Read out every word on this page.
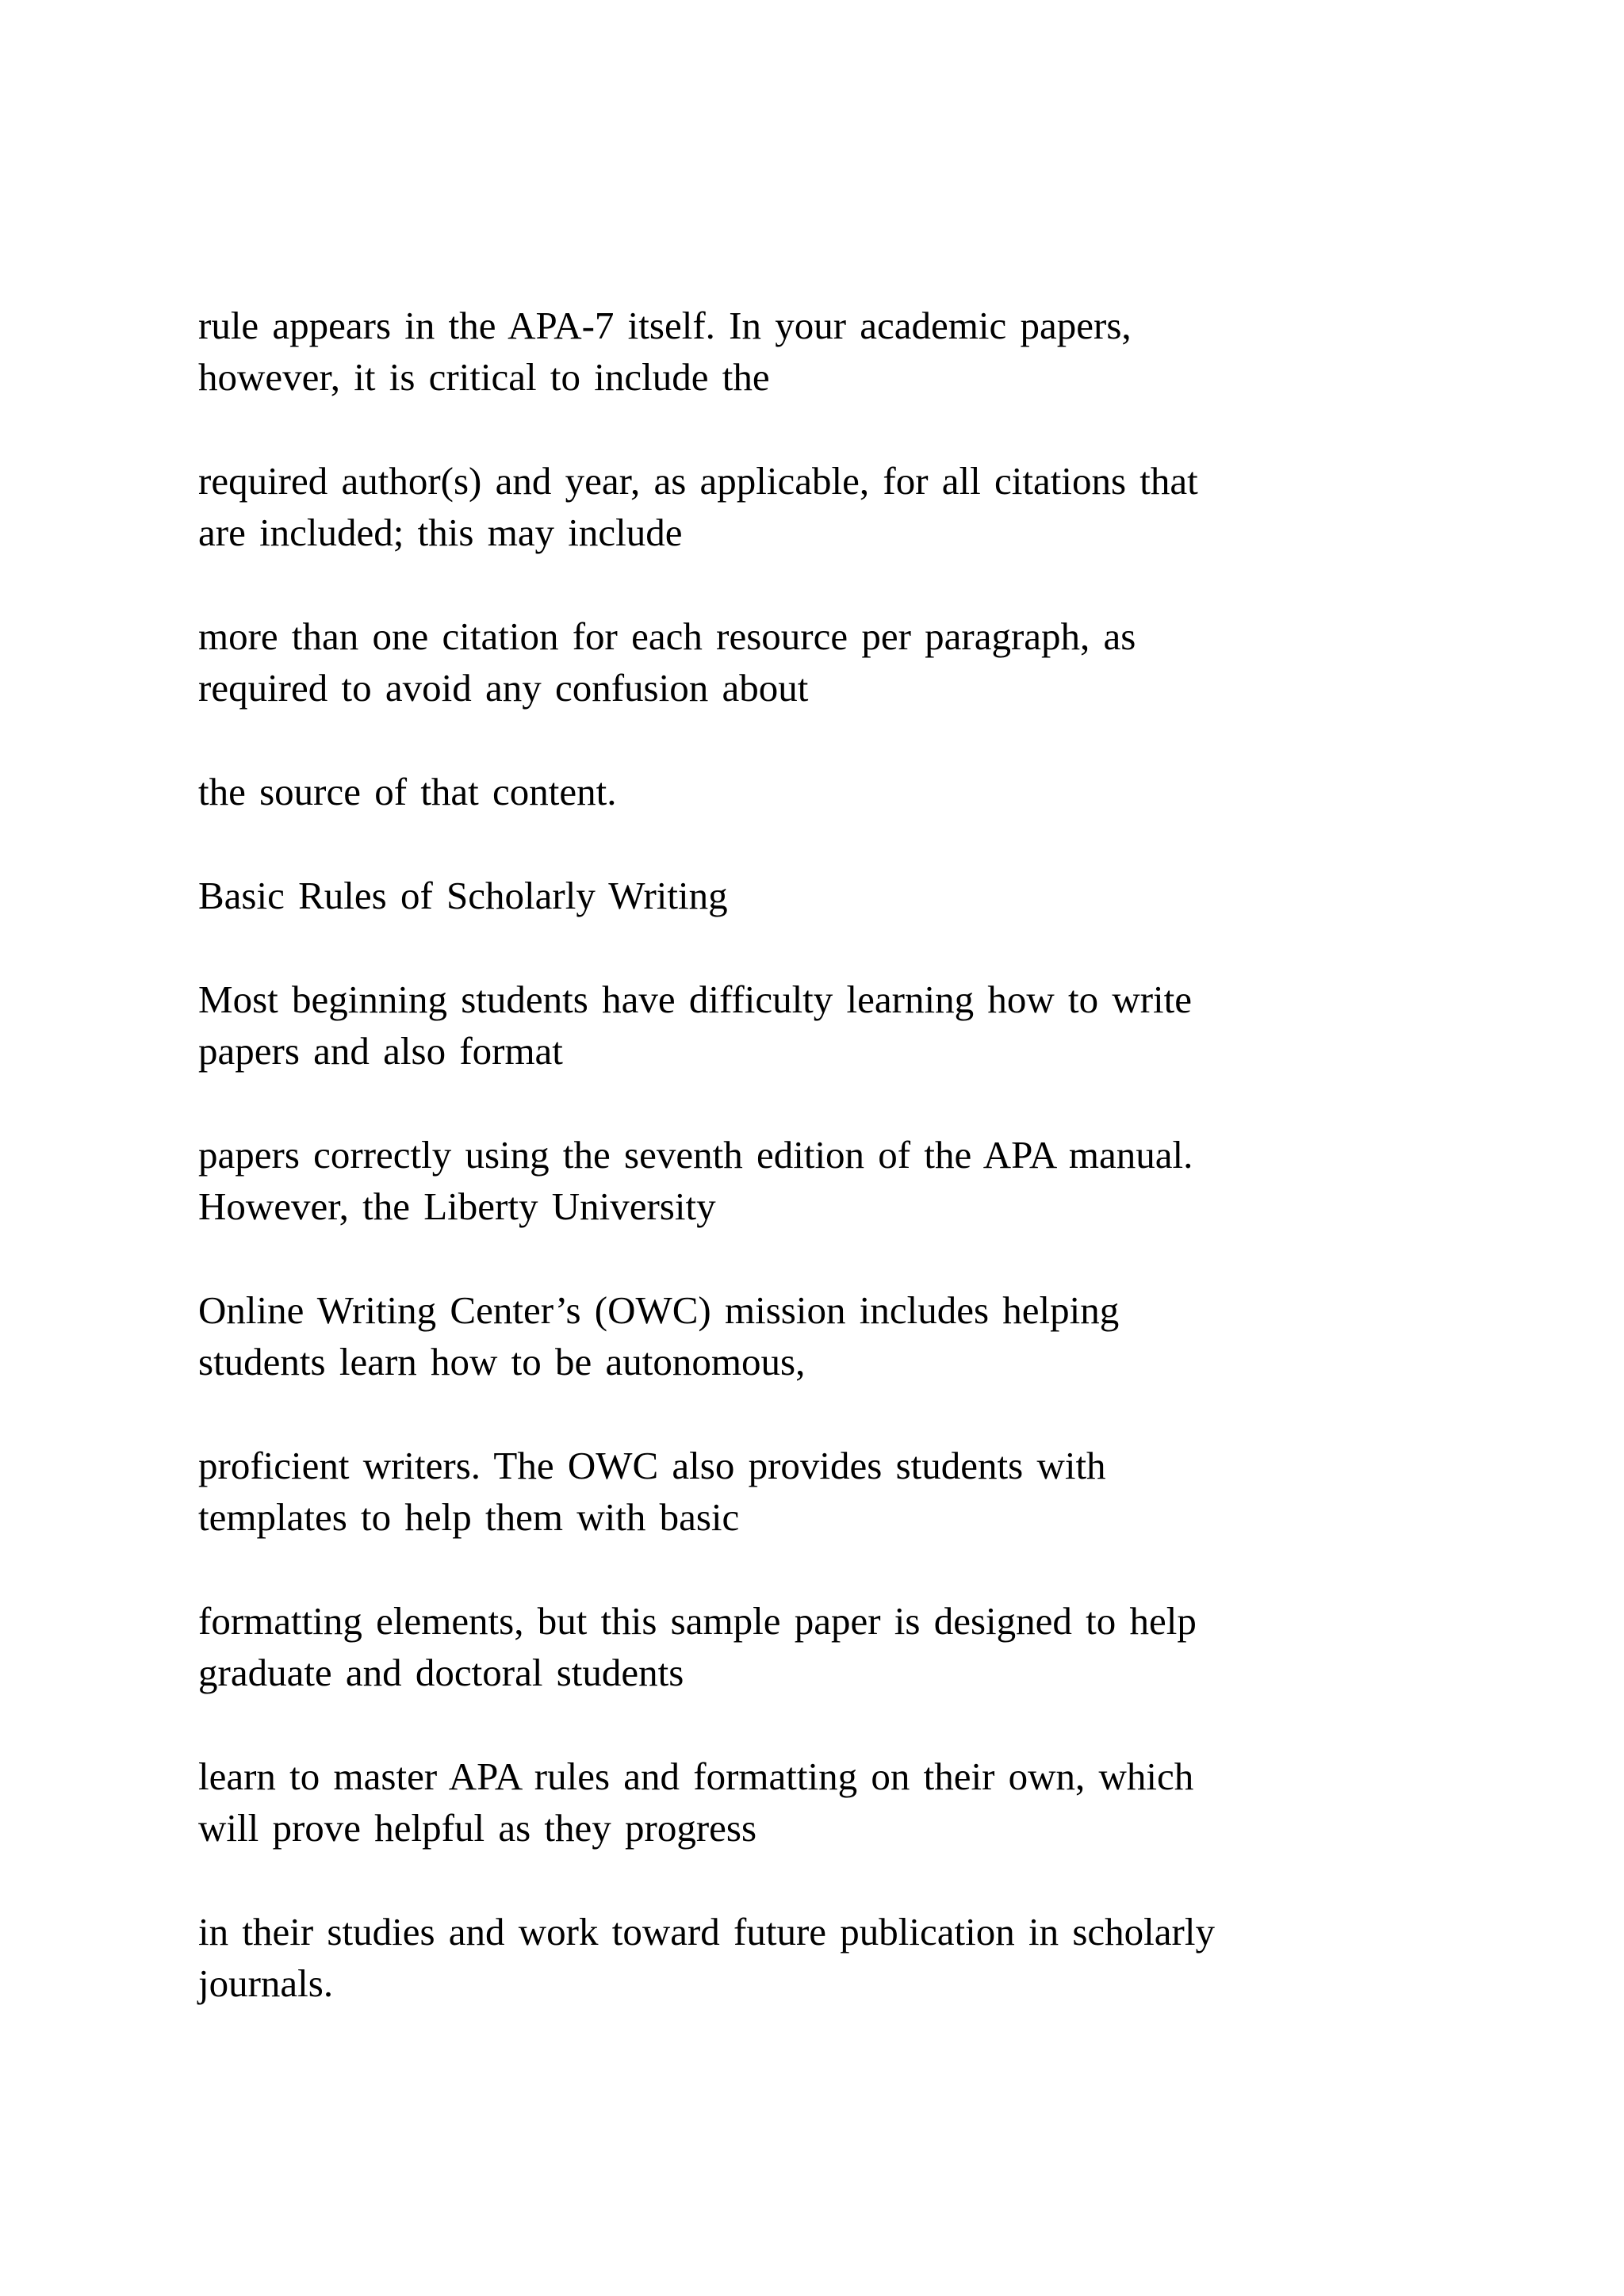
rule appears in the APA-7 itself. In your academic papers,
however, it is critical to include the

required author(s) and year, as applicable, for all citations that
are included; this may include

more than one citation for each resource per paragraph, as
required to avoid any confusion about

the source of that content.

Basic Rules of Scholarly Writing

Most beginning students have difficulty learning how to write
papers and also format

papers correctly using the seventh edition of the APA manual.
However, the Liberty University

Online Writing Center’s (OWC) mission includes helping
students learn how to be autonomous,

proficient writers. The OWC also provides students with
templates to help them with basic

formatting elements, but this sample paper is designed to help
graduate and doctoral students

learn to master APA rules and formatting on their own, which
will prove helpful as they progress

in their studies and work toward future publication in scholarly
journals.
